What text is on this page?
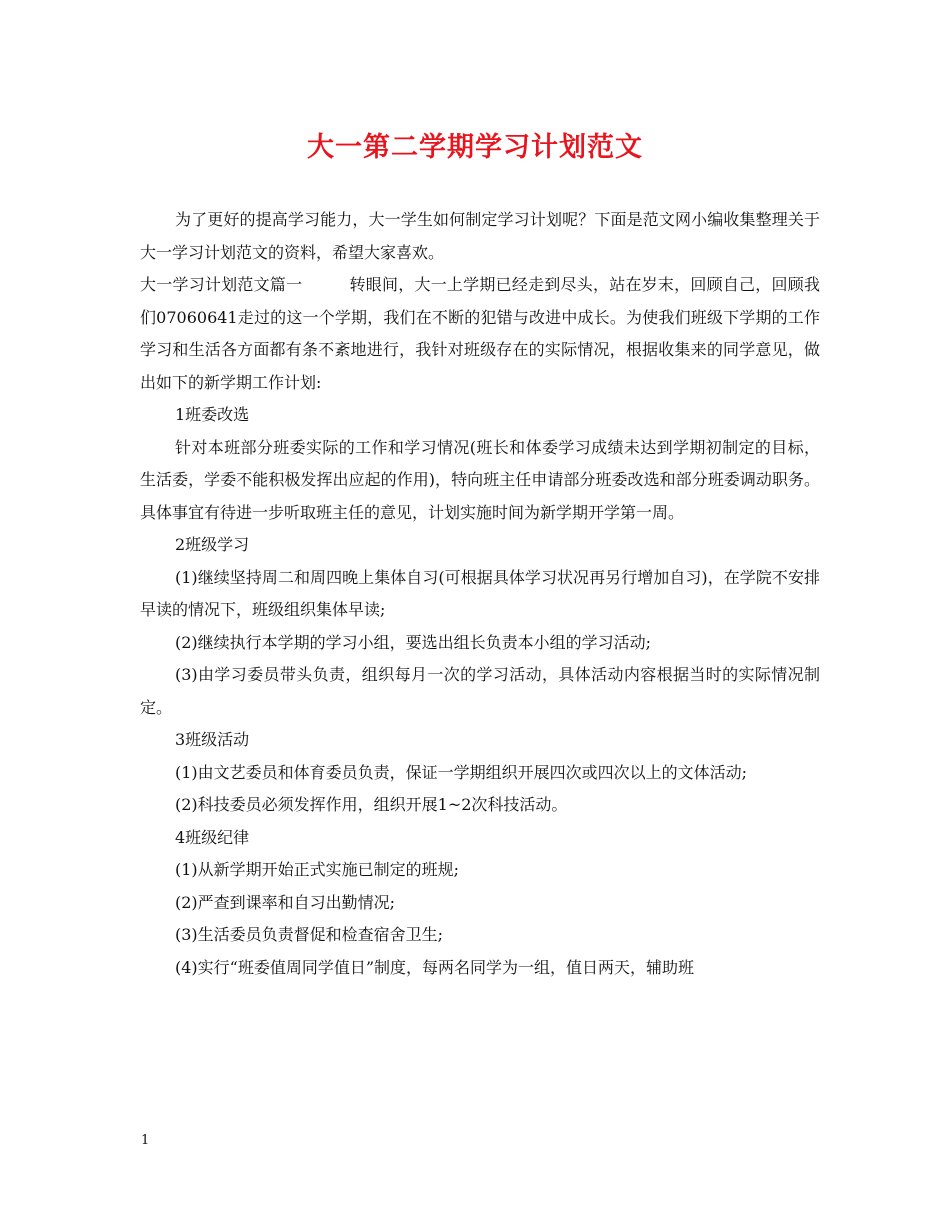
大一第二学期学习计划范文

为了更好的提高学习能力，大一学生如何制定学习计划呢？下面是范文网小编收集整理关于大一学习计划范文的资料，希望大家喜欢。

大一学习计划范文篇一	转眼间，大一上学期已经走到尽头，站在岁末，回顾自己，回顾我们07060641走过的这一个学期，我们在不断的犯错与改进中成长。为使我们班级下学期的工作学习和生活各方面都有条不紊地进行，我针对班级存在的实际情况，根据收集来的同学意见，做出如下的新学期工作计划:

1班委改选

针对本班部分班委实际的工作和学习情况(班长和体委学习成绩未达到学期初制定的目标，生活委，学委不能积极发挥出应起的作用)，特向班主任申请部分班委改选和部分班委调动职务。具体事宜有待进一步听取班主任的意见，计划实施时间为新学期开学第一周。

2班级学习

(1)继续坚持周二和周四晚上集体自习(可根据具体学习状况再另行增加自习)，在学院不安排早读的情况下，班级组织集体早读;

(2)继续执行本学期的学习小组，要选出组长负责本小组的学习活动;

(3)由学习委员带头负责，组织每月一次的学习活动，具体活动内容根据当时的实际情况制定。

3班级活动

(1)由文艺委员和体育委员负责，保证一学期组织开展四次或四次以上的文体活动;

(2)科技委员必须发挥作用，组织开展1~2次科技活动。

4班级纪律

(1)从新学期开始正式实施已制定的班规;

(2)严查到课率和自习出勤情况;

(3)生活委员负责督促和检查宿舍卫生;

(4)实行“班委值周同学值日”制度，每两名同学为一组，值日两天，辅助班

1
